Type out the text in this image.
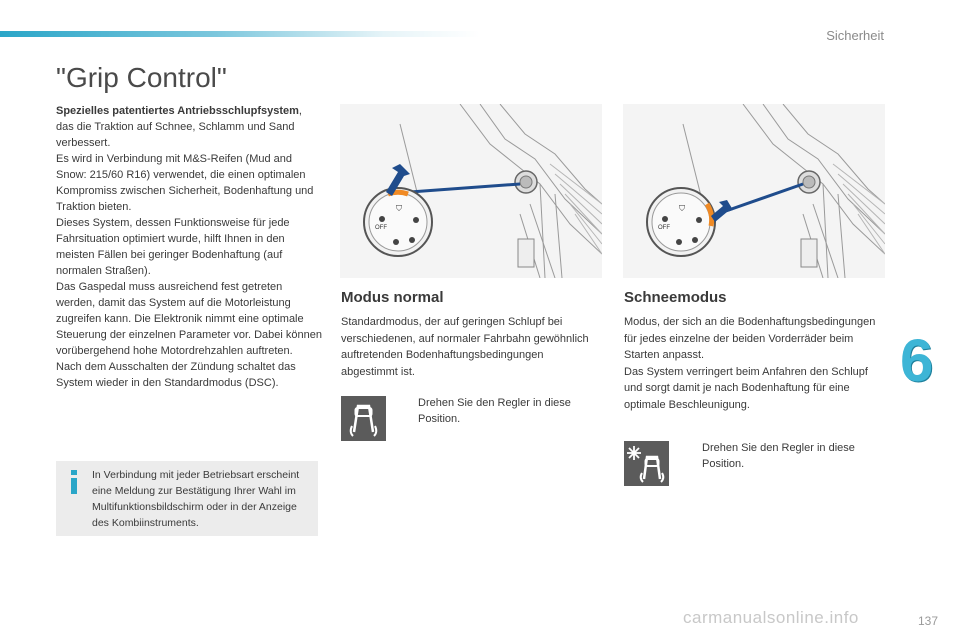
Sicherheit
6
"Grip Control"

Spezielles patentiertes Antriebsschlupfsystem, das die Traktion auf Schnee, Schlamm und Sand verbessert.

Es wird in Verbindung mit M&S-Reifen (Mud and Snow: 215/60 R16) verwendet, die einen optimalen Kompromiss zwischen Sicherheit, Bodenhaftung und Traktion bieten.

Dieses System, dessen Funktionsweise für jede Fahrsituation optimiert wurde, hilft Ihnen in den meisten Fällen bei geringer Bodenhaftung (auf normalen Straßen).

Das Gaspedal muss ausreichend fest getreten werden, damit das System auf die Motorleistung zugreifen kann. Die Elektronik nimmt eine optimale Steuerung der einzelnen Parameter vor. Dabei können vorübergehend hohe Motordrehzahlen auftreten.

Nach dem Ausschalten der Zündung schaltet das System wieder in den Standardmodus (DSC).

In Verbindung mit jeder Betriebsart erscheint eine Meldung zur Bestätigung Ihrer Wahl im Multifunktionsbildschirm oder in der Anzeige des Kombiinstruments.
⛉
OFF
⛉
OFF
Modus normal

Standardmodus, der auf geringen Schlupf bei verschiedenen, auf normaler Fahrbahn gewöhnlich auftretenden Bodenhaftungsbedingungen abgestimmt ist.

Drehen Sie den Regler in diese Position.
Schneemodus

Modus, der sich an die Bodenhaftungsbedingungen für jedes einzelne der beiden Vorderräder beim Starten anpasst.

Das System verringert beim Anfahren den Schlupf und sorgt damit je nach Bodenhaftung für eine optimale Beschleunigung.

Drehen Sie den Regler in diese Position.
carmanualsonline.info	137
